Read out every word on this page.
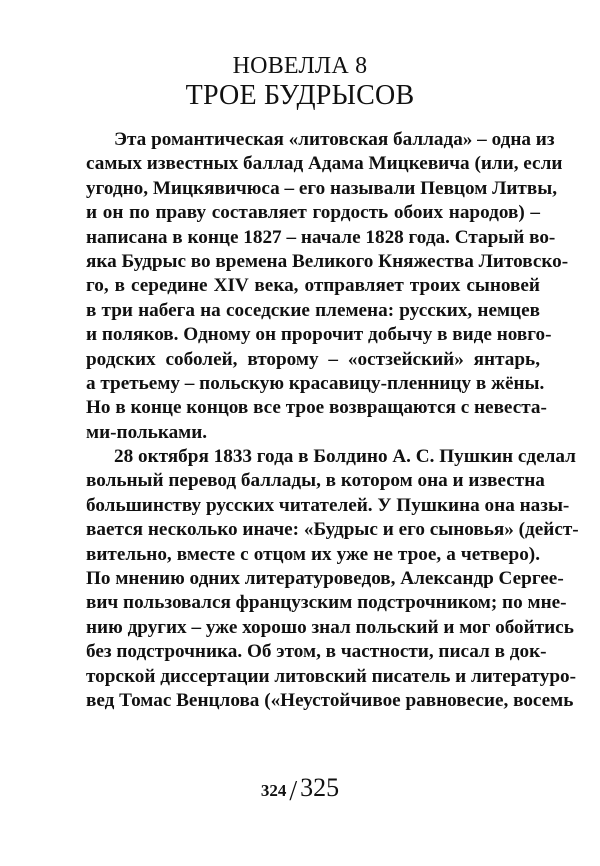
НОВЕЛЛА 8
ТРОЕ БУДРЫСОВ
Эта романтическая «литовская баллада» – одна из
самых известных баллад Адама Мицкевича (или, если
угодно, Мицкявичюса – его называли Певцом Литвы,
и он по праву составляет гордость обоих народов) –
написана в конце 1827 – начале 1828 года. Старый во-
яка Будрыс во времена Великого Княжества Литовско-
го, в середине XIV века, отправляет троих сыновей
в три набега на соседские племена: русских, немцев
и поляков. Одному он пророчит добычу в виде новго-
родских соболей, второму – «остзейский» янтарь,
а третьему – польскую красавицу-пленницу в жёны.
Но в конце концов все трое возвращаются с невеста-
ми-польками.
28 октября 1833 года в Болдино А. С. Пушкин сделал
вольный перевод баллады, в котором она и известна
большинству русских читателей. У Пушкина она назы-
вается несколько иначе: «Будрыс и его сыновья» (дейст-
вительно, вместе с отцом их уже не трое, а четверо).
По мнению одних литературоведов, Александр Сергее-
вич пользовался французским подстрочником; по мне-
нию других – уже хорошо знал польский и мог обойтись
без подстрочника. Об этом, в частности, писал в док-
торской диссертации литовский писатель и литературо-
вед Томас Венцлова («Неустойчивое равновесие, восемь
324 / 325
